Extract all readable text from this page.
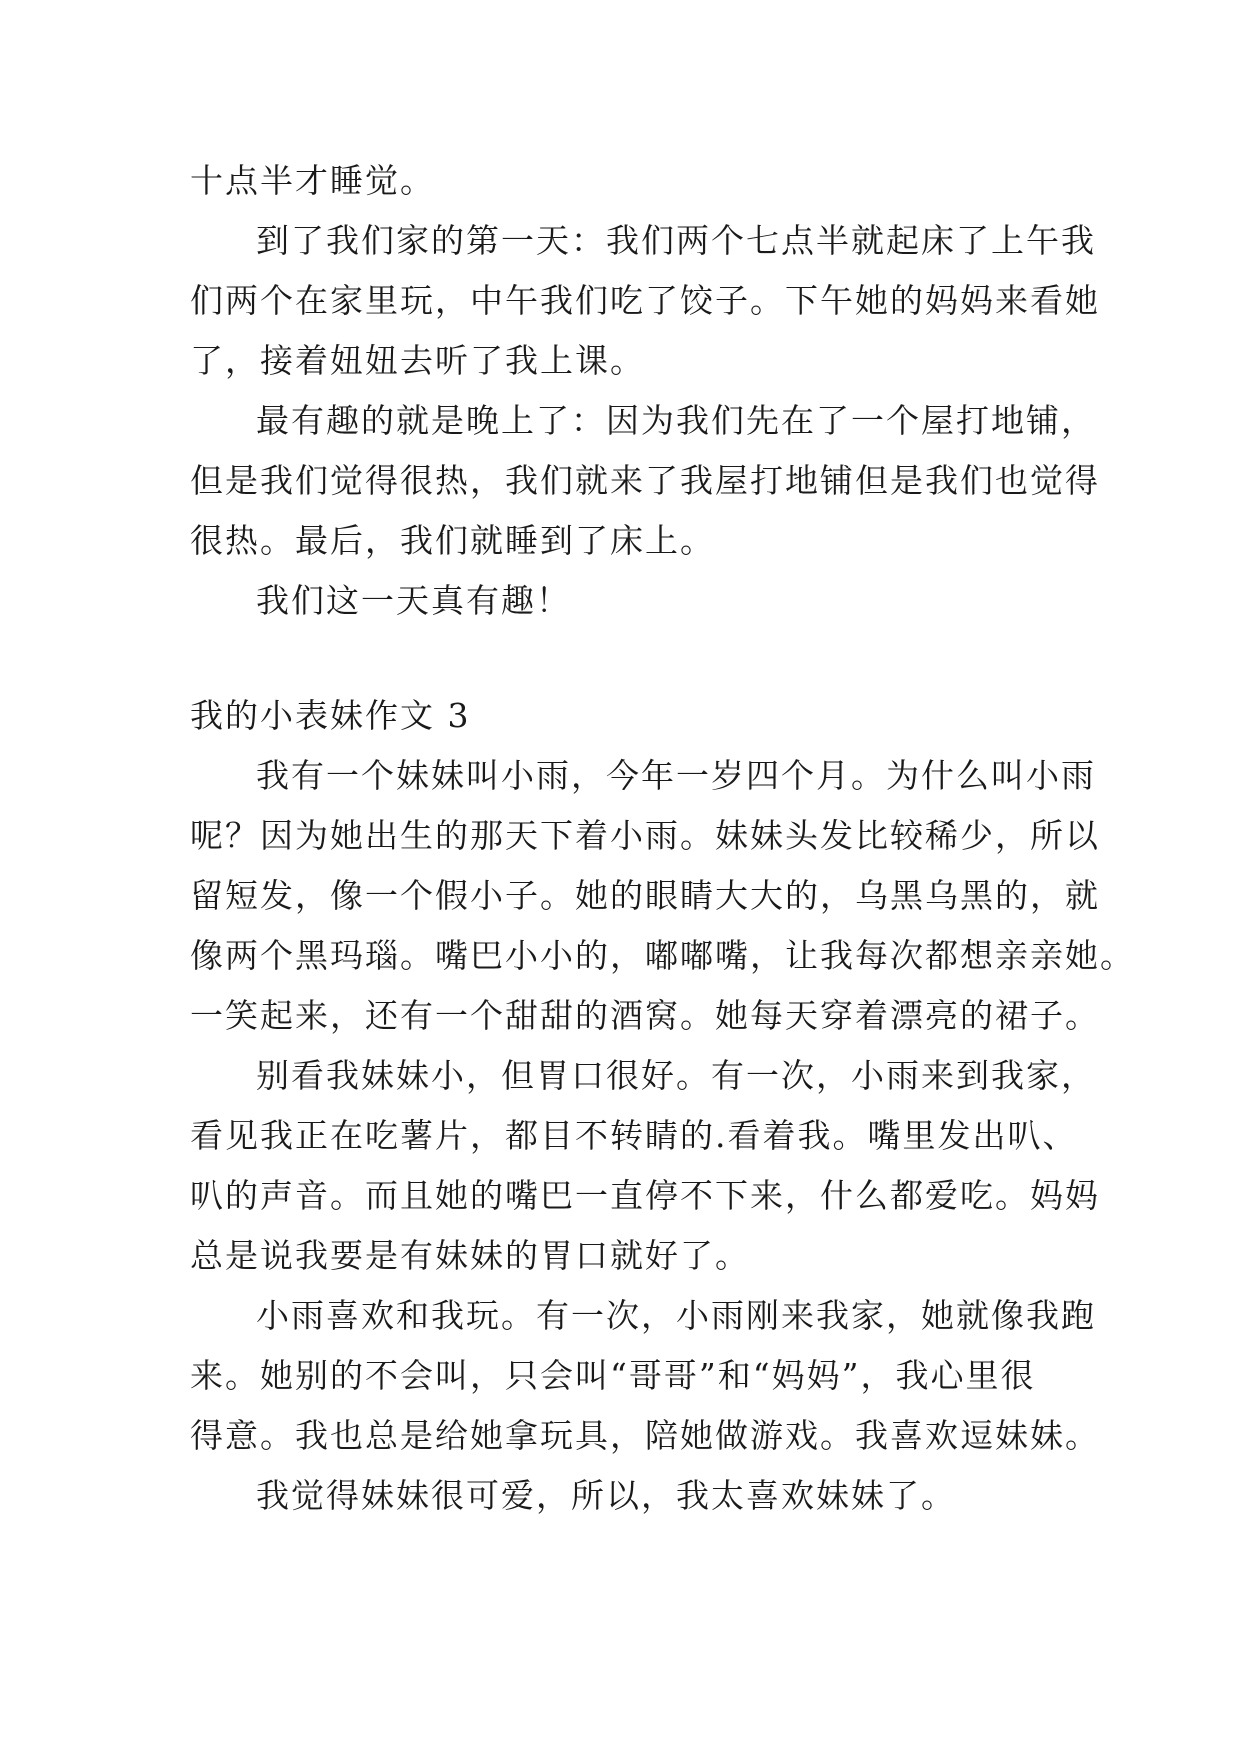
十点半才睡觉。
到了我们家的第一天：我们两个七点半就起床了上午我
们两个在家里玩，中午我们吃了饺子。下午她的妈妈来看她
了，接着妞妞去听了我上课。
最有趣的就是晚上了：因为我们先在了一个屋打地铺，
但是我们觉得很热，我们就来了我屋打地铺但是我们也觉得
很热。最后，我们就睡到了床上。
我们这一天真有趣！
我的小表妹作文 3
我有一个妹妹叫小雨，今年一岁四个月。为什么叫小雨
呢？因为她出生的那天下着小雨。妹妹头发比较稀少，所以
留短发，像一个假小子。她的眼睛大大的，乌黑乌黑的，就
像两个黑玛瑙。嘴巴小小的，嘟嘟嘴，让我每次都想亲亲她。
一笑起来，还有一个甜甜的酒窝。她每天穿着漂亮的裙子。
别看我妹妹小，但胃口很好。有一次，小雨来到我家，
看见我正在吃薯片，都目不转睛的.看着我。嘴里发出叭、
叭的声音。而且她的嘴巴一直停不下来，什么都爱吃。妈妈
总是说我要是有妹妹的胃口就好了。
小雨喜欢和我玩。有一次，小雨刚来我家，她就像我跑
来。她别的不会叫，只会叫“哥哥”和“妈妈”，我心里很
得意。我也总是给她拿玩具，陪她做游戏。我喜欢逗妹妹。
我觉得妹妹很可爱，所以，我太喜欢妹妹了。
